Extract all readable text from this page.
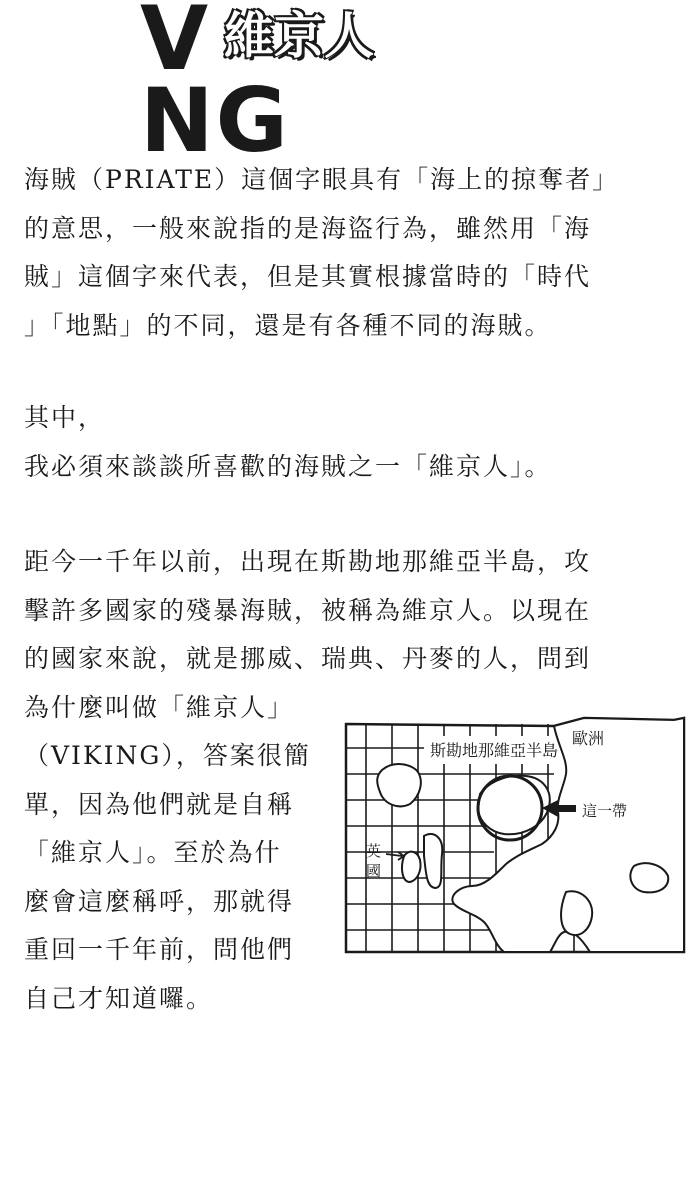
VNG
維京人
海賊（PRIATE）這個字眼具有「海上的掠奪者」
的意思，一般來說指的是海盜行為，雖然用「海
賊」這個字來代表，但是其實根據當時的「時代
」「地點」的不同，還是有各種不同的海賊。
其中，
我必須來談談所喜歡的海賊之一「維京人」。
距今一千年以前，出現在斯勘地那維亞半島，攻
擊許多國家的殘暴海賊，被稱為維京人。以現在
的國家來說，就是挪威、瑞典、丹麥的人，問到
為什麼叫做「維京人」
（VIKING），答案很簡
單，因為他們就是自稱
「維京人」。至於為什
麼會這麼稱呼，那就得
重回一千年前，問他們
自己才知道囉。
斯勘地那維亞半島
歐洲
這一帶
英
國
